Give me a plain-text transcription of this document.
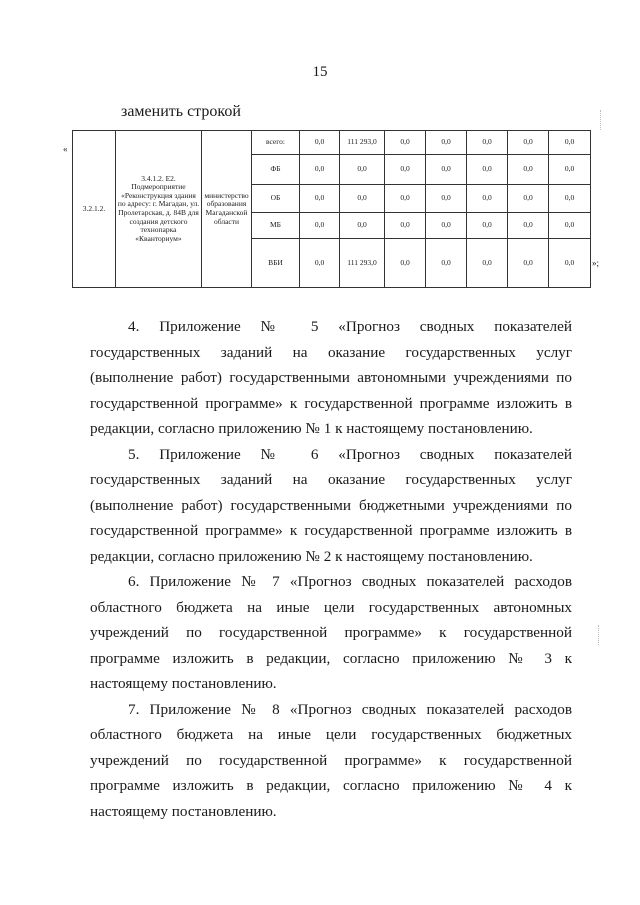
15
заменить строкой
«
»;
3.2.1.2.	3.4.1.2. Е2. Подмероприятие «Реконструкция здания по адресу: г. Магадан, ул. Пролетарская, д. 84В для создания детского технопарка «Кванториум»	министерство образования Магаданской области	всего:	0,0	111 293,0	0,0	0,0	0,0	0,0	0,0
			ФБ	0,0	0,0	0,0	0,0	0,0	0,0	0,0
			ОБ	0,0	0,0	0,0	0,0	0,0	0,0	0,0
			МБ	0,0	0,0	0,0	0,0	0,0	0,0	0,0
			ВБИ	0,0	111 293,0	0,0	0,0	0,0	0,0	0,0

4. Приложение № 5 «Прогноз сводных показателей государственных заданий на оказание государственных услуг (выполнение работ) государственными автономными учреждениями по государственной программе» к государственной программе изложить в редакции, согласно приложению № 1 к настоящему постановлению.

5. Приложение № 6 «Прогноз сводных показателей государственных заданий на оказание государственных услуг (выполнение работ) государственными бюджетными учреждениями по государственной программе» к государственной программе изложить в редакции, согласно приложению № 2 к настоящему постановлению.

6. Приложение № 7 «Прогноз сводных показателей расходов областного бюджета на иные цели государственных автономных учреждений по государственной программе» к государственной программе изложить в редакции, согласно приложению № 3 к настоящему постановлению.

7. Приложение № 8 «Прогноз сводных показателей расходов областного бюджета на иные цели государственных бюджетных учреждений по государственной программе» к государственной программе изложить в редакции, согласно приложению № 4 к настоящему постановлению.
